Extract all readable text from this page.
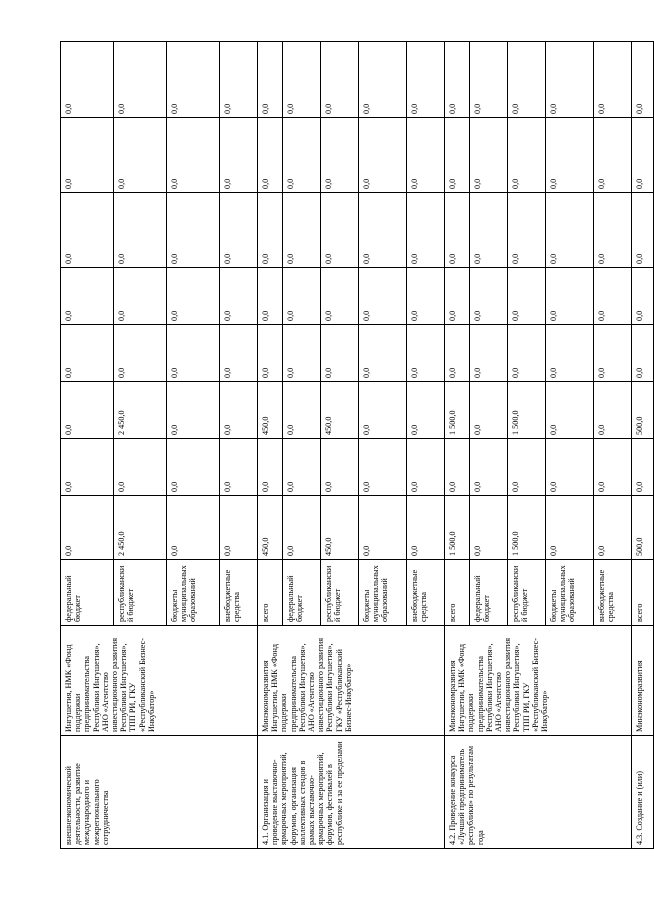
внешнеэкономической деятельности, развитие международного и межрегионального сотрудничества	Ингушетия, НМК «Фонд поддержки предпринимательства Республики Ингушетия», АНО «Агентство инвестиционного развития Республики Ингушетия», ТПП РИ, ГКУ «Республиканский Бизнес-Инкубатор»	федеральный бюджет	0,0	0,0	0,0	0,0	0,0	0,0	0,0	0,0
		республиканский бюджет	2 450,0	0,0	2 450,0	0,0	0,0	0,0	0,0	0,0
		бюджеты муниципальных образований	0,0	0,0	0,0	0,0	0,0	0,0	0,0	0,0
		внебюджетные средства	0,0	0,0	0,0	0,0	0,0	0,0	0,0	0,0
4.1. Организация и проведение выставочно-ярмарочных мероприятий, форумов, организация коллективных стендов в рамках выставочно-ярмарочных мероприятий, форумов, фестивалей в республике и за ее пределами	Минэкономразвития Ингушетии, НМК «Фонд поддержки предпринимательства Республики Ингушетия», АНО «Агентство инвестиционного развития Республики Ингушетия», ГКУ «Республиканский Бизнес-Инкубатор»	всего	450,0	0,0	450,0	0,0	0,0	0,0	0,0	0,0
		федеральный бюджет	0,0	0,0	0,0	0,0	0,0	0,0	0,0	0,0
		республиканский бюджет	450,0	0,0	450,0	0,0	0,0	0,0	0,0	0,0
		бюджеты муниципальных образований	0,0	0,0	0,0	0,0	0,0	0,0	0,0	0,0
		внебюджетные средства	0,0	0,0	0,0	0,0	0,0	0,0	0,0	0,0
4.2. Проведение конкурса «Лучший предприниматель республики» по результатам года	Минэкономразвития Ингушетии, НМК «Фонд поддержки предпринимательства Республики Ингушетия», АНО «Агентство инвестиционного развития Республики Ингушетия», ТПП РИ, ГКУ «Республиканский Бизнес-Инкубатор»	всего	1 500,0	0,0	1 500,0	0,0	0,0	0,0	0,0	0,0
		федеральный бюджет	0,0	0,0	0,0	0,0	0,0	0,0	0,0	0,0
		республиканский бюджет	1 500,0	0,0	1 500,0	0,0	0,0	0,0	0,0	0,0
		бюджеты муниципальных образований	0,0	0,0	0,0	0,0	0,0	0,0	0,0	0,0
		внебюджетные средства	0,0	0,0	0,0	0,0	0,0	0,0	0,0	0,0
4.3. Создание и (или)	Минэкономразвития	всего	500,0	0,0	500,0	0,0	0,0	0,0	0,0	0,0
